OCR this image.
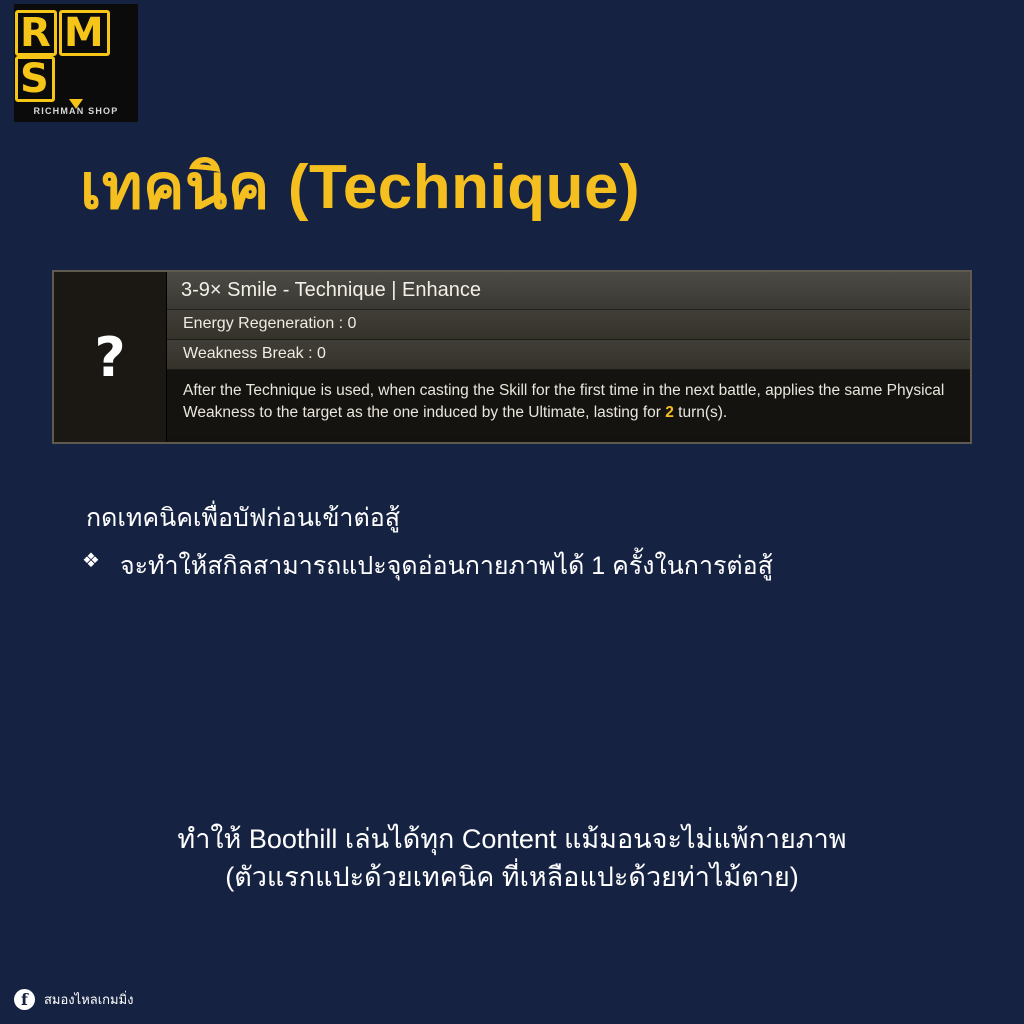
R MS
RICHMAN SHOP
เทคนิค (Technique)
?
3-9× Smile - Technique | Enhance
Energy Regeneration : 0
Weakness Break : 0
After the Technique is used, when casting the Skill for the first time in the next battle, applies the same Physical Weakness to the target as the one induced by the Ultimate, lasting for 2 turn(s).
กดเทคนิคเพื่อบัฟก่อนเข้าต่อสู้
❖ จะทำให้สกิลสามารถแปะจุดอ่อนกายภาพได้ 1 ครั้งในการต่อสู้
ทำให้ Boothill เล่นได้ทุก Content แม้มอนจะไม่แพ้กายภาพ
(ตัวแรกแปะด้วยเทคนิค ที่เหลือแปะด้วยท่าไม้ตาย)
f	สมองไหลเกมมิ่ง
